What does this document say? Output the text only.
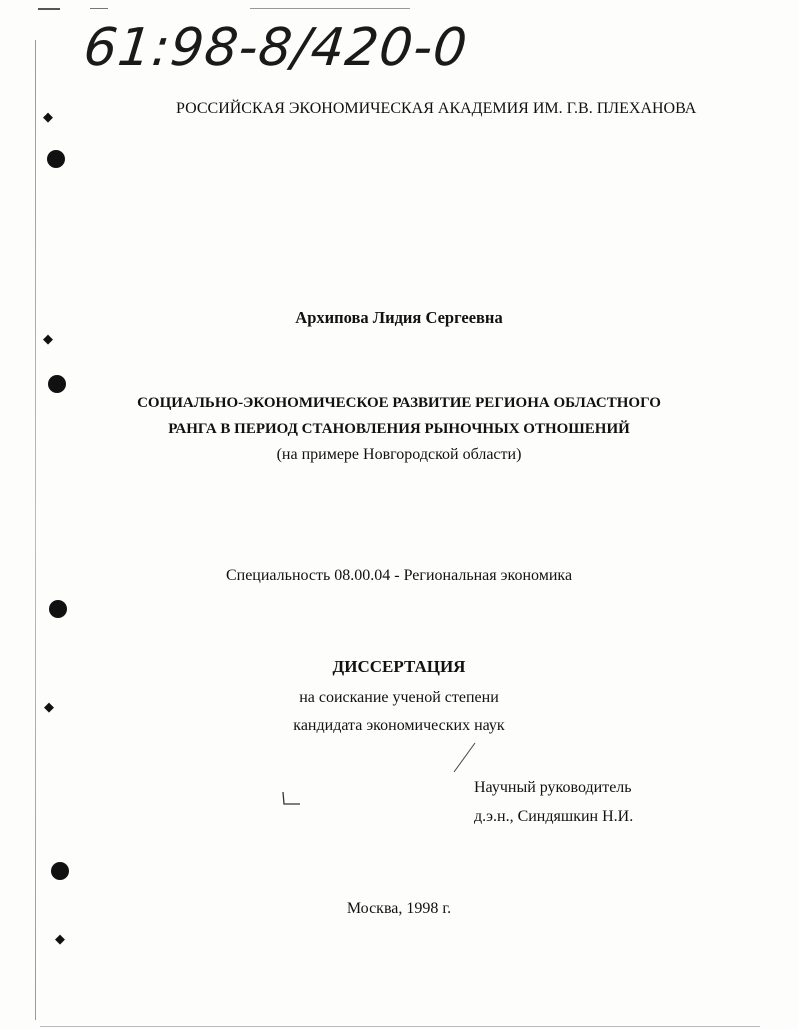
◆
◆
◆
◆
61:98-8/420-0
РОССИЙСКАЯ ЭКОНОМИЧЕСКАЯ АКАДЕМИЯ ИМ. Г.В. ПЛЕХАНОВА
Архипова Лидия Сергеевна
СОЦИАЛЬНО-ЭКОНОМИЧЕСКОЕ РАЗВИТИЕ РЕГИОНА ОБЛАСТНОГО
РАНГА В ПЕРИОД СТАНОВЛЕНИЯ РЫНОЧНЫХ ОТНОШЕНИЙ
(на примере Новгородской области)
Специальность 08.00.04 - Региональная экономика
ДИССЕРТАЦИЯ
на соискание ученой степени
кандидата экономических наук
Научный руководитель
д.э.н., Синдяшкин Н.И.
Москва, 1998 г.
